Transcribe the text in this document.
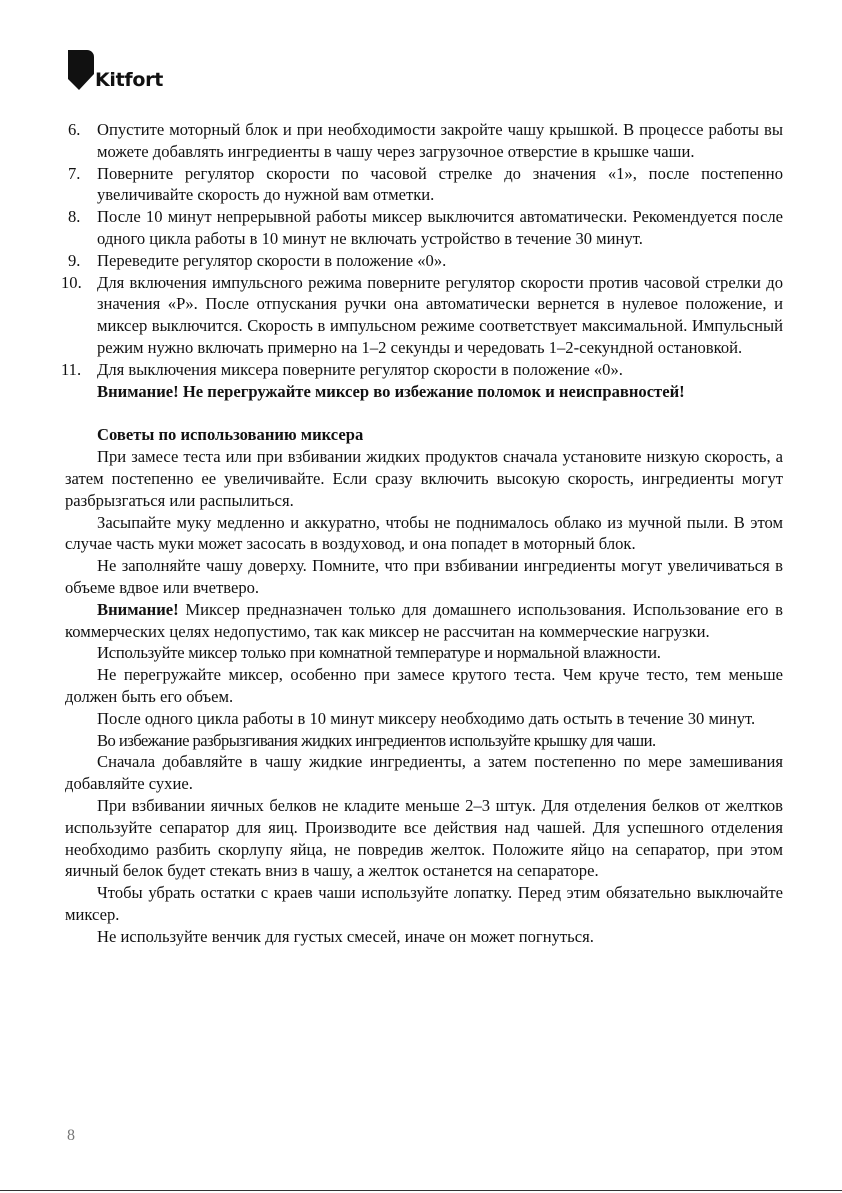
Kitfort
6. Опустите моторный блок и при необходимости закройте чашу крышкой. В процессе работы вы можете добавлять ингредиенты в чашу через загрузочное отверстие в крышке чаши.
7. Поверните регулятор скорости по часовой стрелке до значения «1», после постепенно увеличивайте скорость до нужной вам отметки.
8. После 10 минут непрерывной работы миксер выключится автоматически. Рекомендуется после одного цикла работы в 10 минут не включать устройство в течение 30 минут.
9. Переведите регулятор скорости в положение «0».
10. Для включения импульсного режима поверните регулятор скорости против часовой стрелки до значения «P». После отпускания ручки она автоматически вернется в нулевое положение, и миксер выключится. Скорость в импульсном режиме соответствует максимальной. Импульсный режим нужно включать примерно на 1–2 секунды и чередовать 1–2-секундной остановкой.
11. Для выключения миксера поверните регулятор скорости в положение «0».

Внимание! Не перегружайте миксер во избежание поломок и неисправностей!

Советы по использованию миксера

При замесе теста или при взбивании жидких продуктов сначала установите низкую скорость, а затем постепенно ее увеличивайте. Если сразу включить высокую скорость, ингредиенты могут разбрызгаться или распылиться.

Засыпайте муку медленно и аккуратно, чтобы не поднималось облако из мучной пыли. В этом случае часть муки может засосать в воздуховод, и она попадет в моторный блок.

Не заполняйте чашу доверху. Помните, что при взбивании ингредиенты могут увеличиваться в объеме вдвое или вчетверо.

Внимание! Миксер предназначен только для домашнего использования. Использование его в коммерческих целях недопустимо, так как миксер не рассчитан на коммерческие нагрузки.

Используйте миксер только при комнатной температуре и нормальной влажности.

Не перегружайте миксер, особенно при замесе крутого теста. Чем круче тесто, тем меньше должен быть его объем.

После одного цикла работы в 10 минут миксеру необходимо дать остыть в течение 30 минут.

Во избежание разбрызгивания жидких ингредиентов используйте крышку для чаши.

Сначала добавляйте в чашу жидкие ингредиенты, а затем постепенно по мере замешивания добавляйте сухие.

При взбивании яичных белков не кладите меньше 2–3 штук. Для отделения белков от желтков используйте сепаратор для яиц. Производите все действия над чашей. Для успешного отделения необходимо разбить скорлупу яйца, не повредив желток. Положите яйцо на сепаратор, при этом яичный белок будет стекать вниз в чашу, а желток останется на сепараторе.

Чтобы убрать остатки с краев чаши используйте лопатку. Перед этим обязательно выключайте миксер.

Не используйте венчик для густых смесей, иначе он может погнуться.

8
